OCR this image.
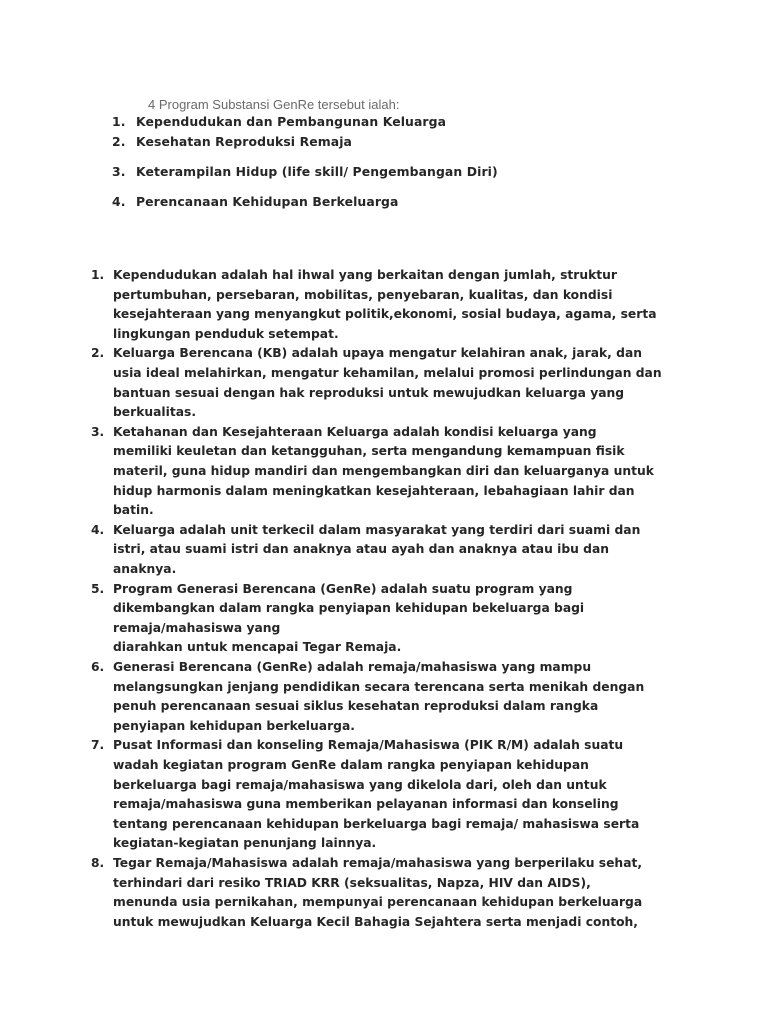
4 Program Substansi GenRe tersebut ialah:
1. Kependudukan dan Pembangunan Keluarga
2. Kesehatan Reproduksi Remaja
3. Keterampilan Hidup (life skill/ Pengembangan Diri)
4. Perencanaan Kehidupan Berkeluarga
1. Kependudukan adalah hal ihwal yang berkaitan dengan jumlah, struktur
pertumbuhan, persebaran, mobilitas, penyebaran, kualitas, dan kondisi
kesejahteraan yang menyangkut politik,ekonomi, sosial budaya, agama, serta
lingkungan penduduk setempat.
2. Keluarga Berencana (KB) adalah upaya mengatur kelahiran anak, jarak, dan
usia ideal melahirkan, mengatur kehamilan, melalui promosi perlindungan dan
bantuan sesuai dengan hak reproduksi untuk mewujudkan keluarga yang
berkualitas.
3. Ketahanan dan Kesejahteraan Keluarga adalah kondisi keluarga yang
memiliki keuletan dan ketangguhan, serta mengandung kemampuan fisik
materil, guna hidup mandiri dan mengembangkan diri dan keluarganya untuk
hidup harmonis dalam meningkatkan kesejahteraan, lebahagiaan lahir dan
batin.
4. Keluarga adalah unit terkecil dalam masyarakat yang terdiri dari suami dan
istri, atau suami istri dan anaknya atau ayah dan anaknya atau ibu dan
anaknya.
5. Program Generasi Berencana (GenRe) adalah suatu program yang
dikembangkan dalam rangka penyiapan kehidupan bekeluarga bagi
remaja/mahasiswa yang
diarahkan untuk mencapai Tegar Remaja.
6. Generasi Berencana (GenRe) adalah remaja/mahasiswa yang mampu
melangsungkan jenjang pendidikan secara terencana serta menikah dengan
penuh perencanaan sesuai siklus kesehatan reproduksi dalam rangka
penyiapan kehidupan berkeluarga.
7. Pusat Informasi dan konseling Remaja/Mahasiswa (PIK R/M) adalah suatu
wadah kegiatan program GenRe dalam rangka penyiapan kehidupan
berkeluarga bagi remaja/mahasiswa yang dikelola dari, oleh dan untuk
remaja/mahasiswa guna memberikan pelayanan informasi dan konseling
tentang perencanaan kehidupan berkeluarga bagi remaja/ mahasiswa serta
kegiatan-kegiatan penunjang lainnya.
8. Tegar Remaja/Mahasiswa adalah remaja/mahasiswa yang berperilaku sehat,
terhindari dari resiko TRIAD KRR (seksualitas, Napza, HIV dan AIDS),
menunda usia pernikahan, mempunyai perencanaan kehidupan berkeluarga
untuk mewujudkan Keluarga Kecil Bahagia Sejahtera serta menjadi contoh,
